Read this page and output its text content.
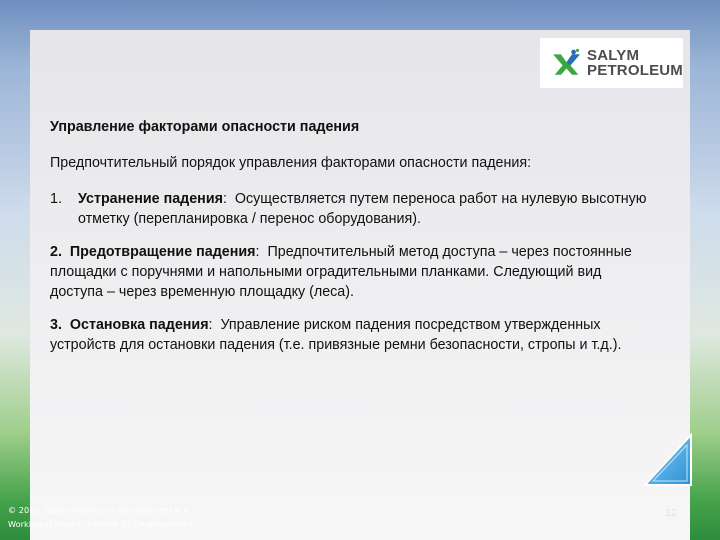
SALYM
PETROLEUM

Управление факторами опасности падения

Предпочтительный порядок управления факторами опасности падения:

1.	Устранение падения: Осуществляется путем переноса работ на нулевую высотную отметку (перепланировка / перенос оборудования).
2. Предотвращение падения: Предпочтительный метод доступа – через постоянные площадки с поручнями и напольными оградительными планками. Следующий вид доступа – через временную площадку (леса).
3. Остановка падения: Управление риском падения посредством утвержденных устройств для остановки падения (т.е. привязные ремни безопасности, стропы и т.д.).
© 2015. Salym Petroleum Development N.V.
Working at Height. Pinchuk V/ Timerbulatov F
12
